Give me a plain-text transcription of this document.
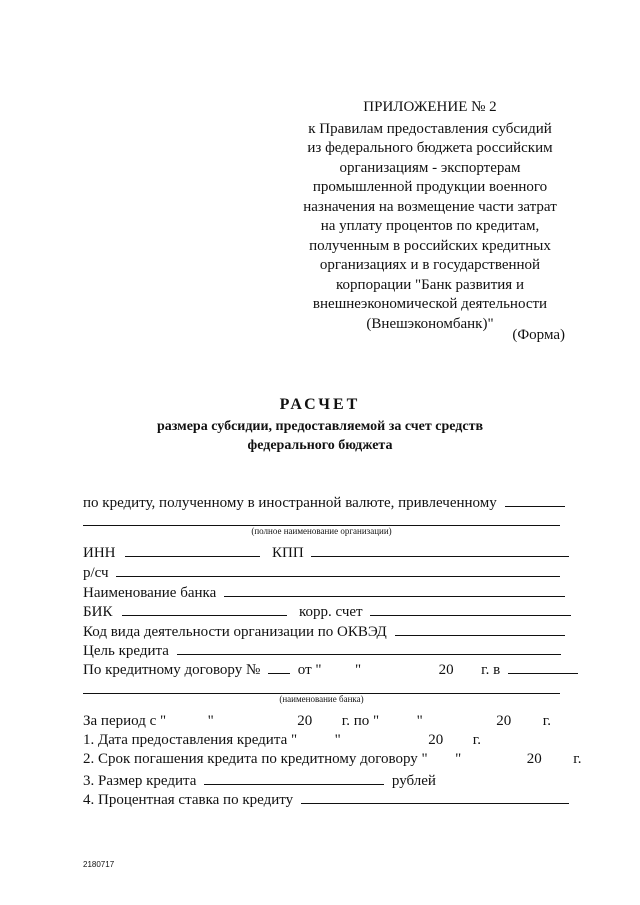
ПРИЛОЖЕНИЕ № 2
к Правилам предоставления субсидий
из федерального бюджета российским
организациям - экспортерам
промышленной продукции военного
назначения на возмещение части затрат
на уплату процентов по кредитам,
полученным в российских кредитных
организациях и в государственной
корпорации "Банк развития и
внешнеэкономической деятельности
(Внешэкономбанк)"
(Форма)
РАСЧЕТ
размера субсидии, предоставляемой за счет средств
федерального бюджета
по кредиту, полученному в иностранной валюте, привлеченному
(полное наименование организации)
ИНН	КПП
р/сч
Наименование банка
БИК	корр. счет
Код вида деятельности организации по ОКВЭД
Цель кредита
По кредитному договору №	от " "	20 г. в
(наименование банка)
За период с "	"	20 г. по "	"	20 г.
1. Дата предоставления кредита "	"	20 г.
2. Срок погашения кредита по кредитному договору " "	20 г.
3. Размер кредита	рублей
4. Процентная ставка по кредиту
2180717
